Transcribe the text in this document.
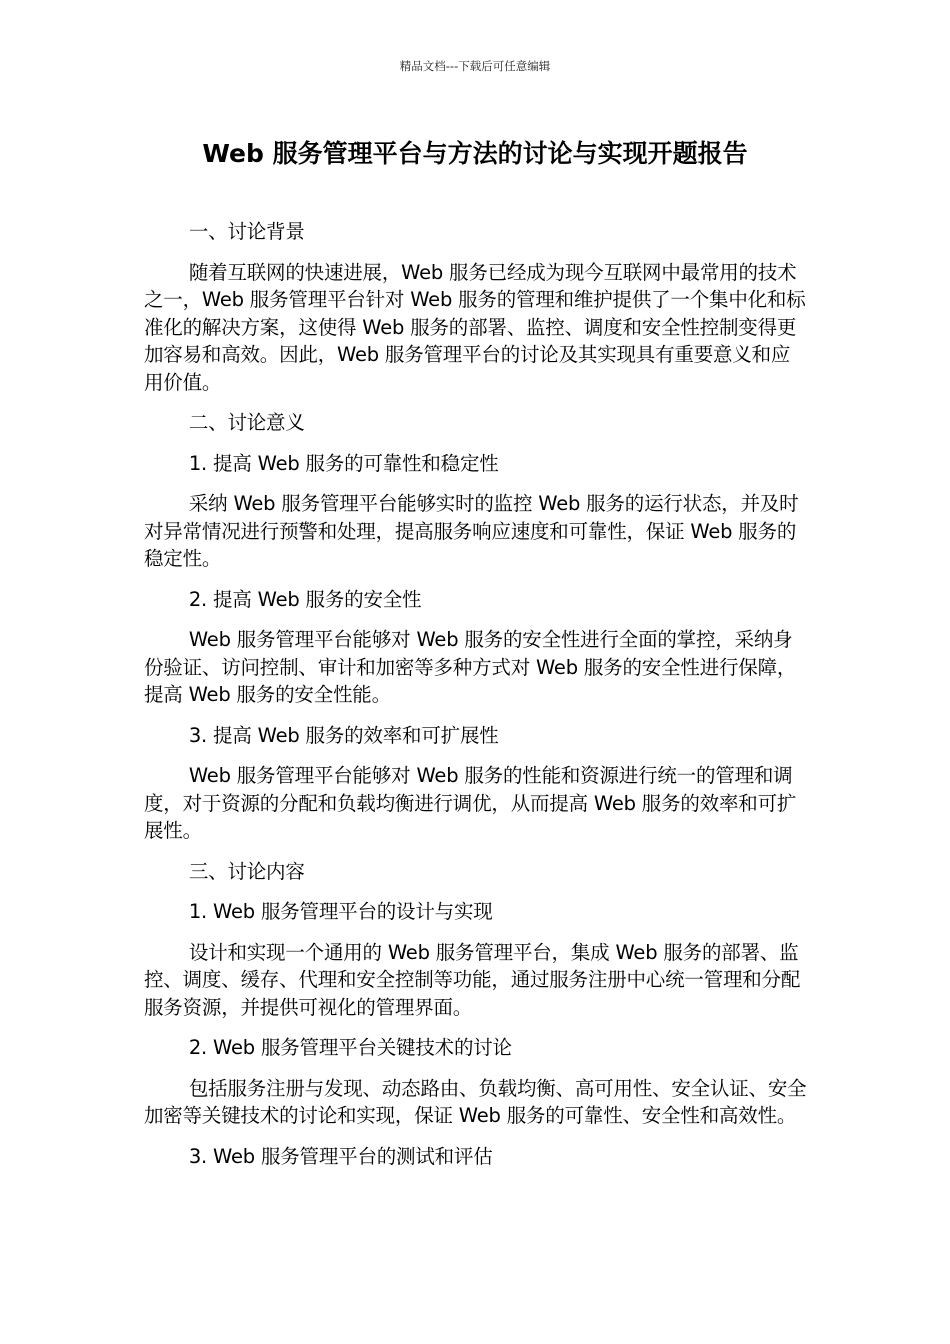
精品文档---下载后可任意编辑
Web 服务管理平台与方法的讨论与实现开题报告

一、讨论背景

随着互联网的快速进展，Web 服务已经成为现今互联网中最常用的技术之一，Web 服务管理平台针对 Web 服务的管理和维护提供了一个集中化和标准化的解决方案，这使得 Web 服务的部署、监控、调度和安全性控制变得更加容易和高效。因此，Web 服务管理平台的讨论及其实现具有重要意义和应用价值。

二、讨论意义

1. 提高 Web 服务的可靠性和稳定性

采纳 Web 服务管理平台能够实时的监控 Web 服务的运行状态，并及时对异常情况进行预警和处理，提高服务响应速度和可靠性，保证 Web 服务的稳定性。

2. 提高 Web 服务的安全性

Web 服务管理平台能够对 Web 服务的安全性进行全面的掌控，采纳身份验证、访问控制、审计和加密等多种方式对 Web 服务的安全性进行保障，提高 Web 服务的安全性能。

3. 提高 Web 服务的效率和可扩展性

Web 服务管理平台能够对 Web 服务的性能和资源进行统一的管理和调度，对于资源的分配和负载均衡进行调优，从而提高 Web 服务的效率和可扩展性。

三、讨论内容

1. Web 服务管理平台的设计与实现

设计和实现一个通用的 Web 服务管理平台，集成 Web 服务的部署、监控、调度、缓存、代理和安全控制等功能，通过服务注册中心统一管理和分配服务资源，并提供可视化的管理界面。

2. Web 服务管理平台关键技术的讨论

包括服务注册与发现、动态路由、负载均衡、高可用性、安全认证、安全加密等关键技术的讨论和实现，保证 Web 服务的可靠性、安全性和高效性。

3. Web 服务管理平台的测试和评估
